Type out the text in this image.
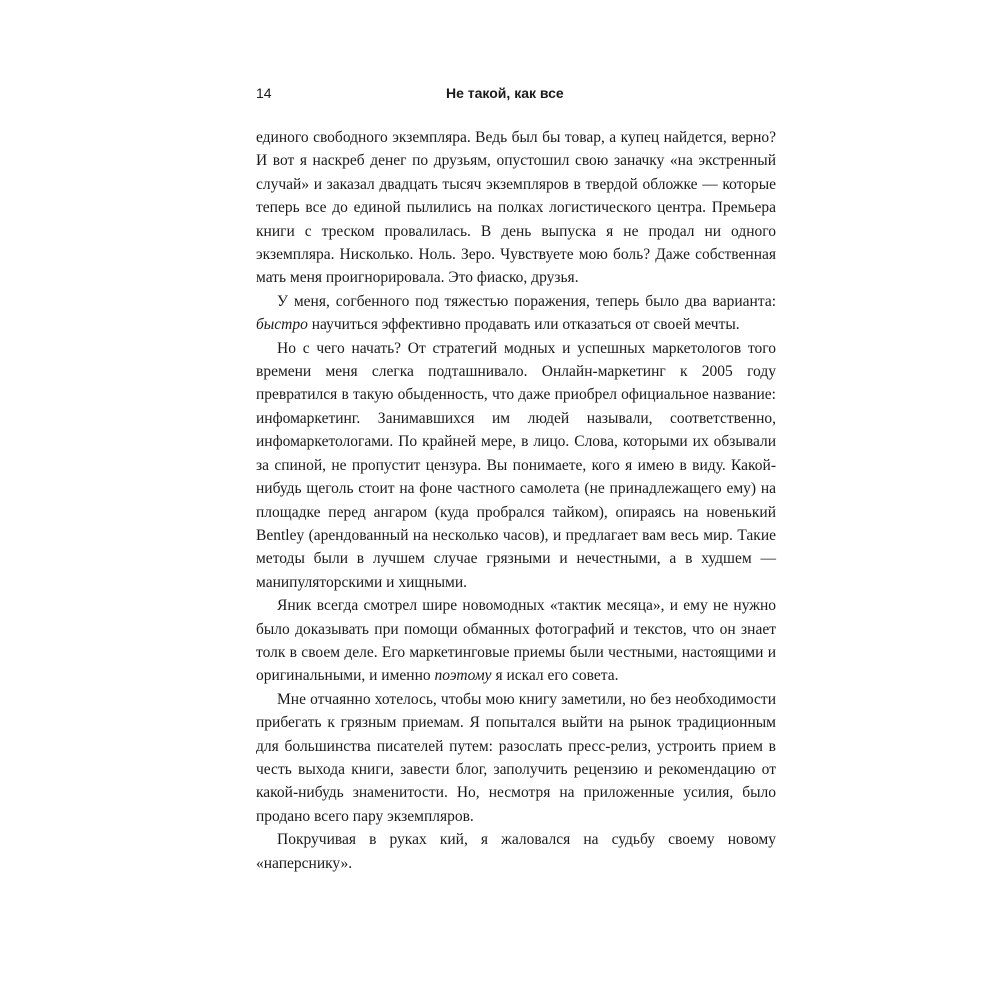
14	Не такой, как все

единого свободного экземпляра. Ведь был бы товар, а купец найдется, верно? И вот я наскреб денег по друзьям, опустошил свою заначку «на экстренный случай» и заказал двадцать тысяч экземпляров в твердой обложке — которые теперь все до единой пылились на полках логистического центра. Премьера книги с треском провалилась. В день выпуска я не продал ни одного экземпляра. Нисколько. Ноль. Зеро. Чувствуете мою боль? Даже собственная мать меня проигнорировала. Это фиаско, друзья.

У меня, согбенного под тяжестью поражения, теперь было два варианта: быстро научиться эффективно продавать или отказаться от своей мечты.

Но с чего начать? От стратегий модных и успешных маркетологов того времени меня слегка подташнивало. Онлайн-маркетинг к 2005 году превратился в такую обыденность, что даже приобрел официальное название: инфомаркетинг. Занимавшихся им людей называли, соответственно, инфомаркетологами. По крайней мере, в лицо. Слова, которыми их обзывали за спиной, не пропустит цензура. Вы понимаете, кого я имею в виду. Какой-нибудь щеголь стоит на фоне частного самолета (не принадлежащего ему) на площадке перед ангаром (куда пробрался тайком), опираясь на новенький Bentley (арендованный на несколько часов), и предлагает вам весь мир. Такие методы были в лучшем случае грязными и нечестными, а в худшем — манипуляторскими и хищными.

Яник всегда смотрел шире новомодных «тактик месяца», и ему не нужно было доказывать при помощи обманных фотографий и текстов, что он знает толк в своем деле. Его маркетинговые приемы были честными, настоящими и оригинальными, и именно поэтому я искал его совета.

Мне отчаянно хотелось, чтобы мою книгу заметили, но без необходимости прибегать к грязным приемам. Я попытался выйти на рынок традиционным для большинства писателей путем: разослать пресс-релиз, устроить прием в честь выхода книги, завести блог, заполучить рецензию и рекомендацию от какой-нибудь знаменитости. Но, несмотря на приложенные усилия, было продано всего пару экземпляров.

Покручивая в руках кий, я жаловался на судьбу своему новому «наперснику».
